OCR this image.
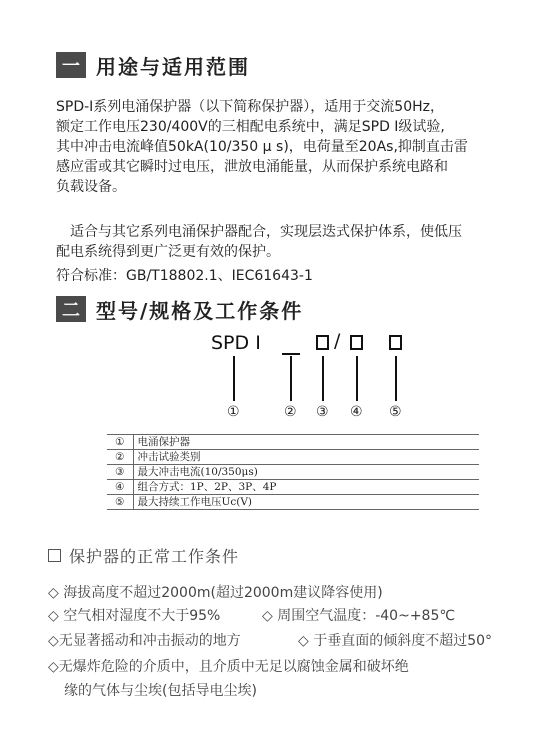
一 用途与适用范围
SPD-Ⅰ系列电涌保护器（以下简称保护器），适用于交流50Hz，
额定工作电压230/400V的三相配电系统中，满足SPD Ⅰ级试验,
其中冲击电流峰值50kA(10/350 μ s)，电荷量至20As,抑制直击雷
感应雷或其它瞬时过电压，泄放电涌能量，从而保护系统电路和
负载设备。
　适合与其它系列电涌保护器配合，实现层迭式保护体系，使低压
配电系统得到更广泛更有效的保护。
符合标准：GB/T18802.1、IEC61643-1
二 型号/规格及工作条件
SPD Ⅰ	/
①	② ③ ④ ⑤
①	电涌保护器
②	冲击试验类别
③	最大冲击电流(10/350μs)
④	组合方式：1P、2P、3P、4P
⑤	最大持续工作电压Uc(V)
保护器的正常工作条件
◇ 海拔高度不超过2000m(超过2000m建议降容使用)
◇ 空气相对湿度不大于95%	◇ 周围空气温度：-40~+85℃
◇无显著摇动和冲击振动的地方	◇ 于垂直面的倾斜度不超过50°
◇无爆炸危险的介质中，且介质中无足以腐蚀金属和破坏绝
缘的气体与尘埃(包括导电尘埃)
